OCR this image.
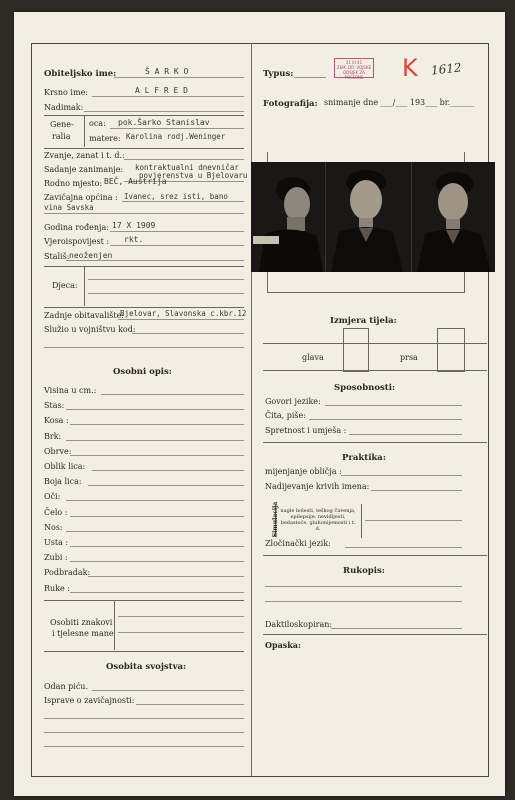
Obiteljsko ime:	Š A R K O
Krsno ime:	A L F R E D
Nadimak:
Gene-
ralia
oca: pok.Šarko Stanislav
matere: Karolina rodj.Weninger
Zvanje, zanat i t. d.:
Sadanje zanimanje: kontraktualni dnevničar
povjerenstva u Bjelovaru
Rodno mjesto: BEČ, Austrija
Zavičajna općina : Ivanec, srez isti, bano
vina Savska
Godina rođenja: 17 X 1909
Vjeroispovijest : rkt.
Stališ: neoženjen
Djeca:
Zadnje obitavalište:
Bjelovar, Slavonska c.kbr.12
Služio u vojništvu kod:
Osobni opis:
Osobiti znakovi
i tjelesne mane
Osobita svojstva:
Odan piću.
Isprave o zavičajnosti:
Typus:
21 III 41
ZEM. DR. VOJSKE
ODSJEK ZA POSEBNE	K 1612
Fotografija: snimanje dne ___/___ 193___ br.______
Izmjera tijela:
glava	prsa
Sposobnosti:
Govori jezike:
Čita, piše:
Spretnost i umješa :
Praktika:
mijenjanje obličja :
Nadijevanje krivih imena:
Simulacija nagle bolesti, teškog čuvenja, epilepsije, nevidljesti, bedastoće, gluhonijemosti i t. d.
Zločinački jezik:
Rukopis:
Daktiloskopiran:
Opaska:
Visina u cm.:
Stas:
Kosa :
Brk:
Obrve:
Oblik lica:
Boja lica:
Oči:
Čelo :
Nos:
Usta :
Zubi :
Podbradak:
Ruke :
